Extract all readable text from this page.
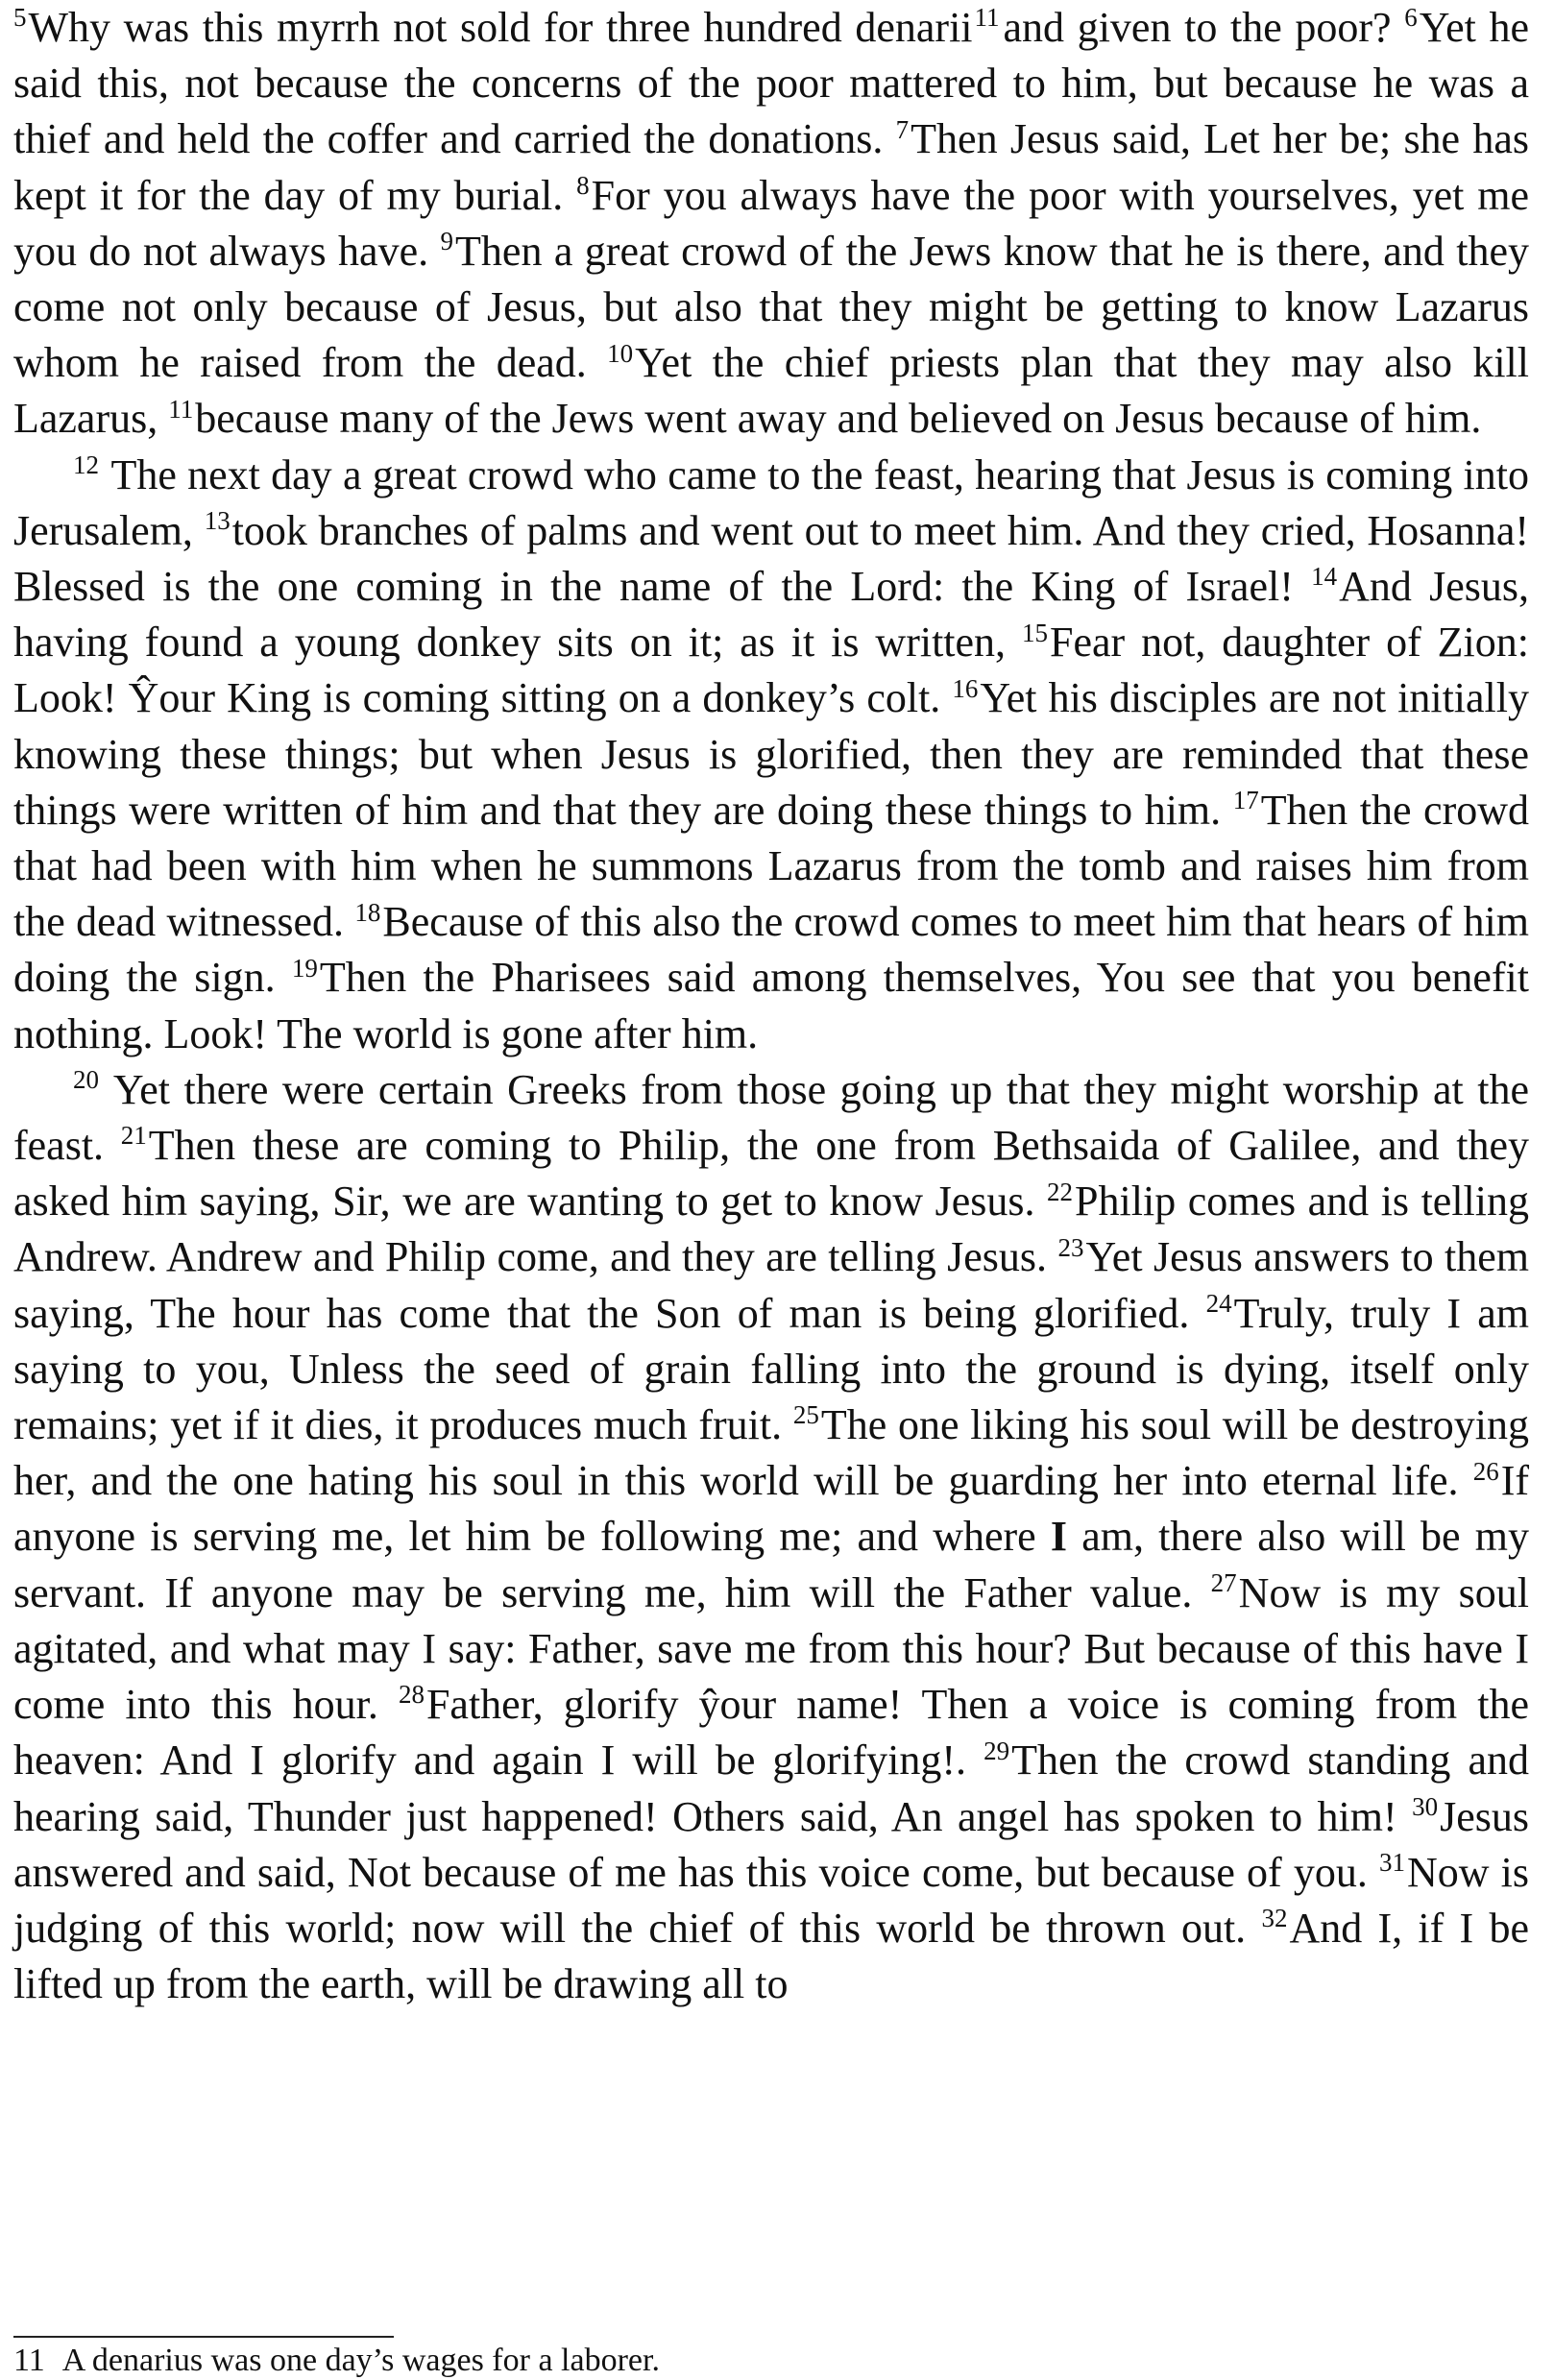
$^5$Why was this myrrh not sold for three hundred denarii$^{11}$and given to the poor? $^6$Yet he said this, not because the concerns of the poor mattered to him, but because he was a thief and held the coffer and carried the donations. $^7$Then Jesus said, Let her be; she has kept it for the day of my burial. $^8$For you always have the poor with yourselves, yet me you do not always have. $^9$Then a great crowd of the Jews know that he is there, and they come not only because of Jesus, but also that they might be getting to know Lazarus whom he raised from the dead. $^{10}$Yet the chief priests plan that they may also kill Lazarus, $^{11}$because many of the Jews went away and believed on Jesus because of him.

$^{12}$ The next day a great crowd who came to the feast, hearing that Jesus is coming into Jerusalem, $^{13}$took branches of palms and went out to meet him. And they cried, Hosanna! Blessed is the one coming in the name of the Lord: the King of Israel! $^{14}$And Jesus, having found a young donkey sits on it; as it is written, $^{15}$Fear not, daughter of Zion: Look! Ŷour King is coming sitting on a donkey’s colt. $^{16}$Yet his disciples are not initially knowing these things; but when Jesus is glorified, then they are reminded that these things were written of him and that they are doing these things to him. $^{17}$Then the crowd that had been with him when he summons Lazarus from the tomb and raises him from the dead witnessed. $^{18}$Because of this also the crowd comes to meet him that hears of him doing the sign. $^{19}$Then the Pharisees said among themselves, You see that you benefit nothing. Look! The world is gone after him.

$^{20}$ Yet there were certain Greeks from those going up that they might worship at the feast. $^{21}$Then these are coming to Philip, the one from Bethsaida of Galilee, and they asked him saying, Sir, we are wanting to get to know Jesus. $^{22}$Philip comes and is telling Andrew. Andrew and Philip come, and they are telling Jesus. $^{23}$Yet Jesus answers to them saying, The hour has come that the Son of man is being glorified. $^{24}$Truly, truly I am saying to you, Unless the seed of grain falling into the ground is dying, itself only remains; yet if it dies, it produces much fruit. $^{25}$The one liking his soul will be destroying her, and the one hating his soul in this world will be guarding her into eternal life. $^{26}$If anyone is serving me, let him be following me; and where I am, there also will be my servant. If anyone may be serving me, him will the Father value. $^{27}$Now is my soul agitated, and what may I say: Father, save me from this hour? But because of this have I come into this hour. $^{28}$Father, glorify ŷour name! Then a voice is coming from the heaven: And I glorify and again I will be glorifying!. $^{29}$Then the crowd standing and hearing said, Thunder just happened! Others said, An angel has spoken to him! $^{30}$Jesus answered and said, Not because of me has this voice come, but because of you. $^{31}$Now is judging of this world; now will the chief of this world be thrown out. $^{32}$And I, if I be lifted up from the earth, will be drawing all to

11 A denarius was one day’s wages for a laborer.
